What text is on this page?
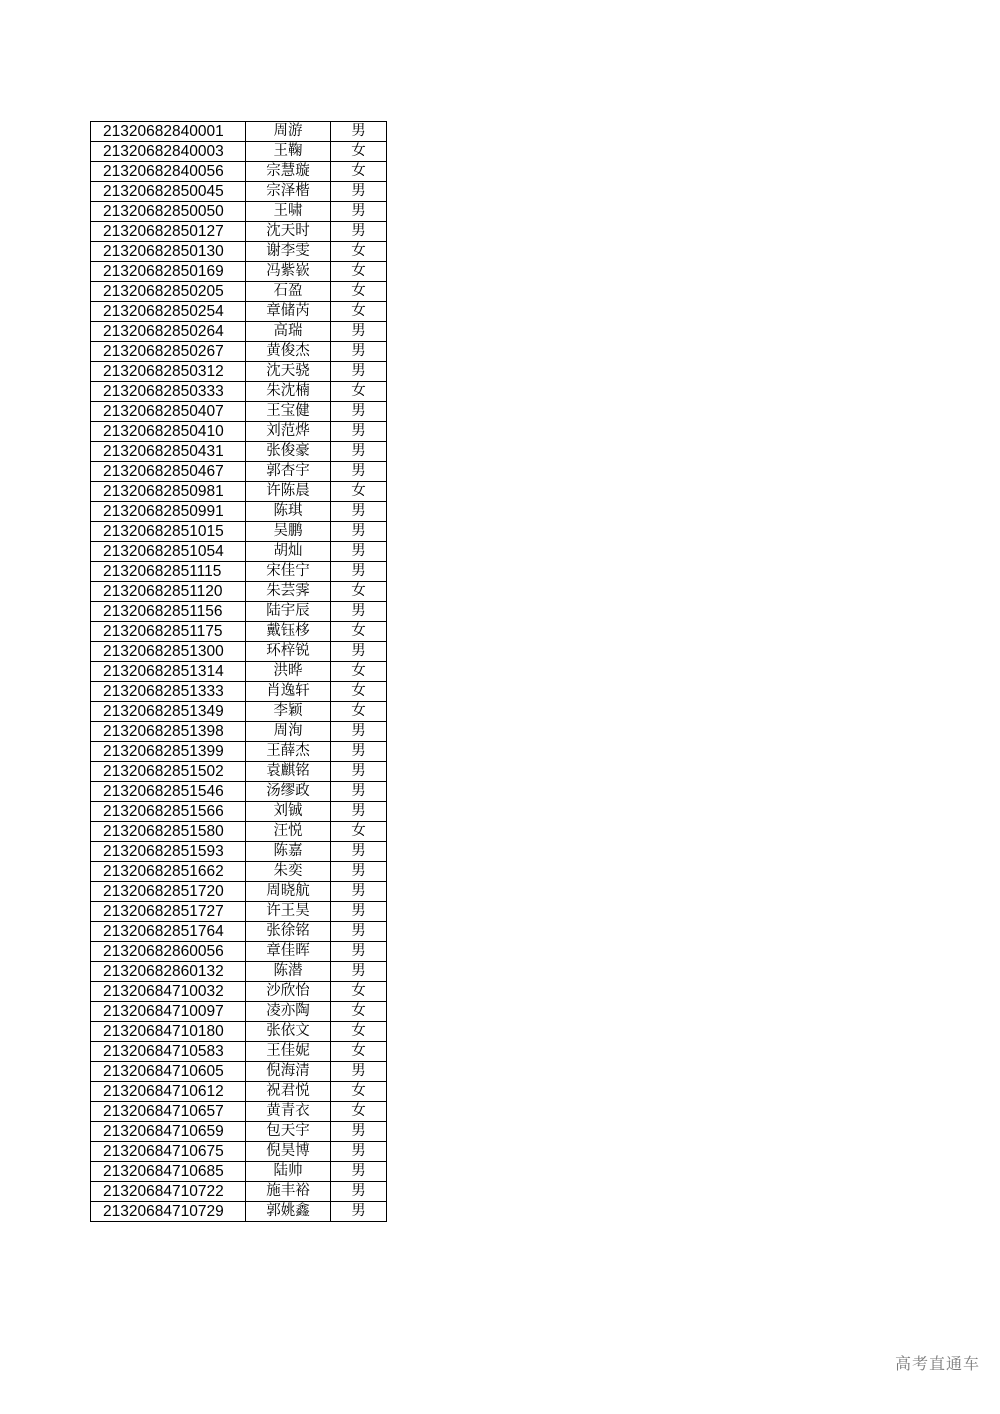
21320682840001	周游	男
21320682840003	王鞠	女
21320682840056	宗慧璇	女
21320682850045	宗泽楷	男
21320682850050	王啸	男
21320682850127	沈天时	男
21320682850130	谢李雯	女
21320682850169	冯紫嵚	女
21320682850205	石盈	女
21320682850254	章储芮	女
21320682850264	高瑞	男
21320682850267	黄俊杰	男
21320682850312	沈天骁	男
21320682850333	朱沈楠	女
21320682850407	王宝健	男
21320682850410	刘范烨	男
21320682850431	张俊豪	男
21320682850467	郭杏宇	男
21320682850981	许陈晨	女
21320682850991	陈琪	男
21320682851015	吴鹏	男
21320682851054	胡灿	男
21320682851115	宋佳宁	男
21320682851120	朱芸霁	女
21320682851156	陆宇辰	男
21320682851175	戴钰栘	女
21320682851300	环梓锐	男
21320682851314	洪晔	女
21320682851333	肖逸轩	女
21320682851349	李颖	女
21320682851398	周洵	男
21320682851399	王薛杰	男
21320682851502	袁麒铭	男
21320682851546	汤缪政	男
21320682851566	刘铖	男
21320682851580	汪悦	女
21320682851593	陈嘉	男
21320682851662	朱奕	男
21320682851720	周晓航	男
21320682851727	许王昊	男
21320682851764	张徐铭	男
21320682860056	章佳晖	男
21320682860132	陈潜	男
21320684710032	沙欣怡	女
21320684710097	凌亦陶	女
21320684710180	张依文	女
21320684710583	王佳妮	女
21320684710605	倪海清	男
21320684710612	祝君悦	女
21320684710657	黄青衣	女
21320684710659	包天宇	男
21320684710675	倪昊博	男
21320684710685	陆帅	男
21320684710722	施丰裕	男
21320684710729	郭姚鑫	男
高考直通车
